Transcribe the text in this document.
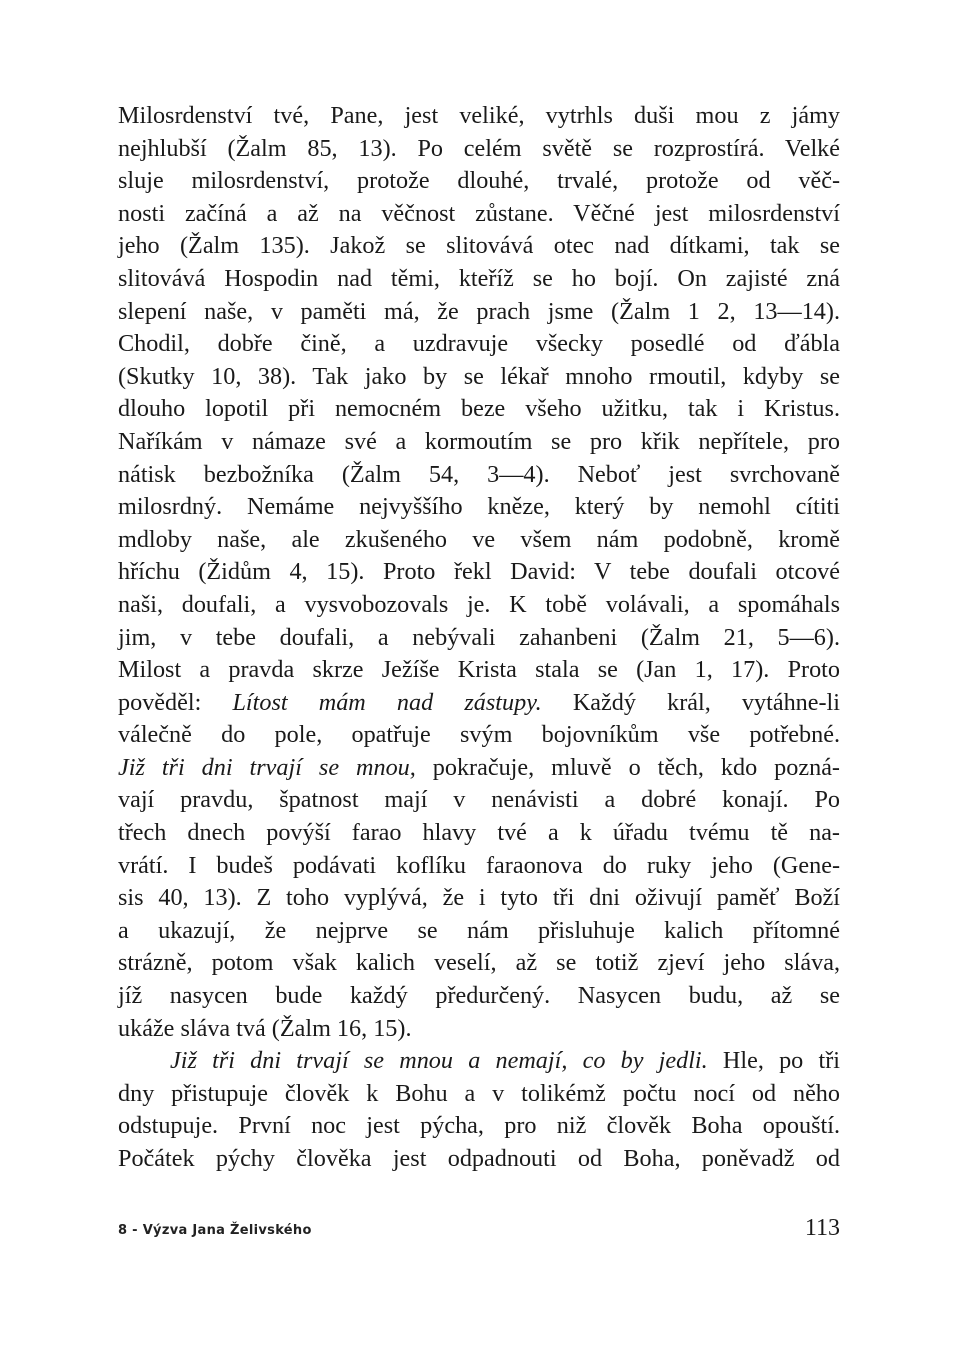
Milosrdenství tvé, Pane, jest veliké, vytrhls duši mou z jámy
nejhlubší (Žalm 85, 13). Po celém světě se rozprostírá. Velké
sluje milosrdenství, protože dlouhé, trvalé, protože od věč-
nosti začíná a až na věčnost zůstane. Věčné jest milosrdenství
jeho (Žalm 135). Jakož se slitovává otec nad dítkami, tak se
slitovává Hospodin nad těmi, kteříž se ho bojí. On zajisté zná
slepení naše, v paměti má, že prach jsme (Žalm 1 2, 13—14).
Chodil, dobře čině, a uzdravuje všecky posedlé od ďábla
(Skutky 10, 38). Tak jako by se lékař mnoho rmoutil, kdyby se
dlouho lopotil při nemocném beze všeho užitku, tak i Kristus.
Naříkám v námaze své a kormoutím se pro křik nepřítele, pro
nátisk bezbožníka (Žalm 54, 3—4). Neboť jest svrchovaně
milosrdný. Nemáme nejvyššího kněze, který by nemohl cítiti
mdloby naše, ale zkušeného ve všem nám podobně, kromě
hříchu (Židům 4, 15). Proto řekl David: V tebe doufali otcové
naši, doufali, a vysvobozovals je. K tobě volávali, a spomáhals
jim, v tebe doufali, a nebývali zahanbeni (Žalm 21, 5—6).
Milost a pravda skrze Ježíše Krista stala se (Jan 1, 17). Proto
pověděl: Lítost mám nad zástupy. Každý král, vytáhne-li
válečně do pole, opatřuje svým bojovníkům vše potřebné.
Již tři dni trvají se mnou, pokračuje, mluvě o těch, kdo pozná-
vají pravdu, špatnost mají v nenávisti a dobré konají. Po
třech dnech povýší farao hlavy tvé a k úřadu tvému tě na-
vrátí. I budeš podávati koflíku faraonova do ruky jeho (Gene-
sis 40, 13). Z toho vyplývá, že i tyto tři dni oživují paměť Boží
a ukazují, že nejprve se nám přisluhuje kalich přítomné
strázně, potom však kalich veselí, až se totiž zjeví jeho sláva,
jíž nasycen bude každý předurčený. Nasycen budu, až se
ukáže sláva tvá (Žalm 16, 15).

Již tři dni trvají se mnou a nemají, co by jedli. Hle, po tři
dny přistupuje člověk k Bohu a v tolikémž počtu nocí od něho
odstupuje. První noc jest pýcha, pro niž člověk Boha opouští.
Počátek pýchy člověka jest odpadnouti od Boha, poněvadž od

8 - Výzva Jana Želivského	113
